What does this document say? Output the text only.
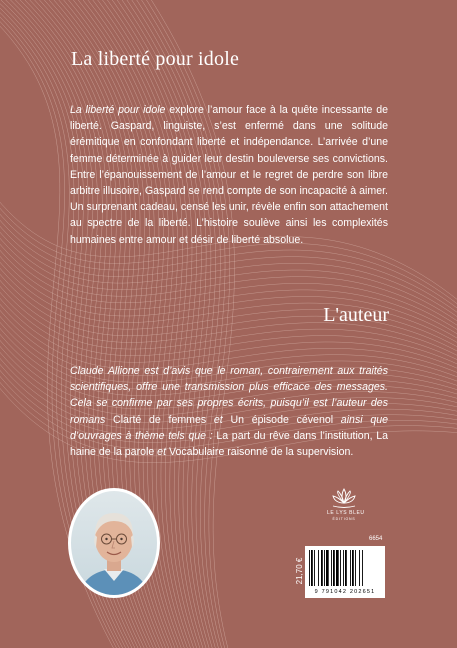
La liberté pour idole

La liberté pour idole explore l’amour face à la quête incessante de liberté. Gaspard, linguiste, s’est enfermé dans une solitude érémitique en confondant liberté et indépendance. L’arrivée d’une femme déterminée à guider leur destin bouleverse ses convictions. Entre l’épanouissement de l’amour et le regret de perdre son libre arbitre illusoire, Gaspard se rend compte de son incapacité à aimer. Un surprenant cadeau, censé les unir, révèle enfin son attachement au spectre de la liberté. L’histoire soulève ainsi les complexités humaines entre amour et désir de liberté absolue.

L'auteur

Claude Allione est d’avis que le roman, contrairement aux traités scientifiques, offre une transmission plus efficace des messages. Cela se confirme par ses propres écrits, puisqu’il est l’auteur des romans Clarté de femmes et Un épisode cévenol ainsi que d’ouvrages à thème tels que : La part du rêve dans l’institution, La haine de la parole et Vocabulaire raisonné de la supervision.

LE LYS BLEU
ÉDITIONS
6654
21,70 €
9 791042 202651
